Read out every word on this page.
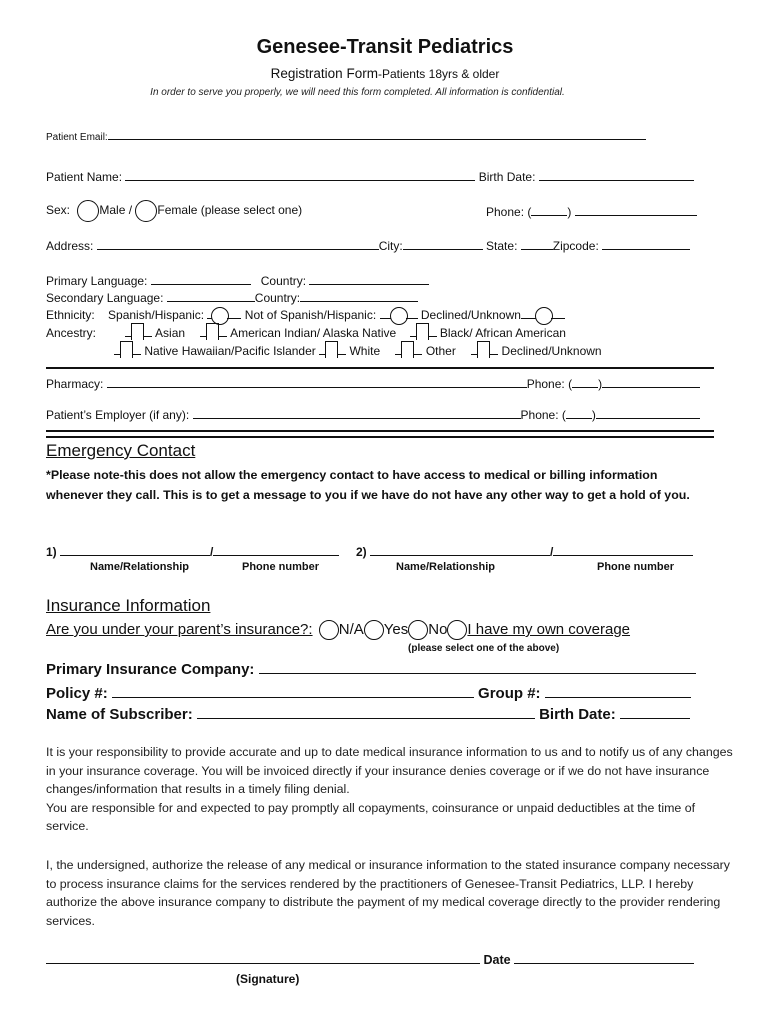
Genesee-Transit Pediatrics
Registration Form-Patients 18yrs & older
In order to serve you properly, we will need this form completed. All information is confidential.
Patient Email:
Patient Name:	Birth Date:
Sex: Male / Female (please select one)	Phone: (	)
Address:	City:	State:	Zipcode:
Primary Language:	Country:
Secondary Language:	Country:
Ethnicity: Spanish/Hispanic:	Not of Spanish/Hispanic:	Declined/Unknown
Ancestry:	Asian	American Indian/ Alaska Native	Black/ African American
Native Hawaiian/Pacific Islander	White	Other	Declined/Unknown
Pharmacy:	Phone: ( )
Patient’s Employer (if any):	Phone: ( )
Emergency Contact
*Please note-this does not allow the emergency contact to have access to medical or billing information whenever they call. This is to get a message to you if we have do not have any other way to get a hold of you.
1)	/	2)	/
Name/Relationship	Phone number	Name/Relationship	Phone number
Insurance Information
Are you under your parent’s insurance?: N/A Yes No I have my own coverage
(please select one of the above)
Primary Insurance Company:
Policy #:	Group #:
Name of Subscriber:	Birth Date:

It is your responsibility to provide accurate and up to date medical insurance information to us and to notify us of any changes in your insurance coverage. You will be invoiced directly if your insurance denies coverage or if we do not have insurance changes/information that results in a timely filing denial.

You are responsible for and expected to pay promptly all copayments, coinsurance or unpaid deductibles at the time of service.

I, the undersigned, authorize the release of any medical or insurance information to the stated insurance company necessary to process insurance claims for the services rendered by the practitioners of Genesee-Transit Pediatrics, LLP. I hereby authorize the above insurance company to distribute the payment of my medical coverage directly to the provider rendering services.

Date
(Signature)
